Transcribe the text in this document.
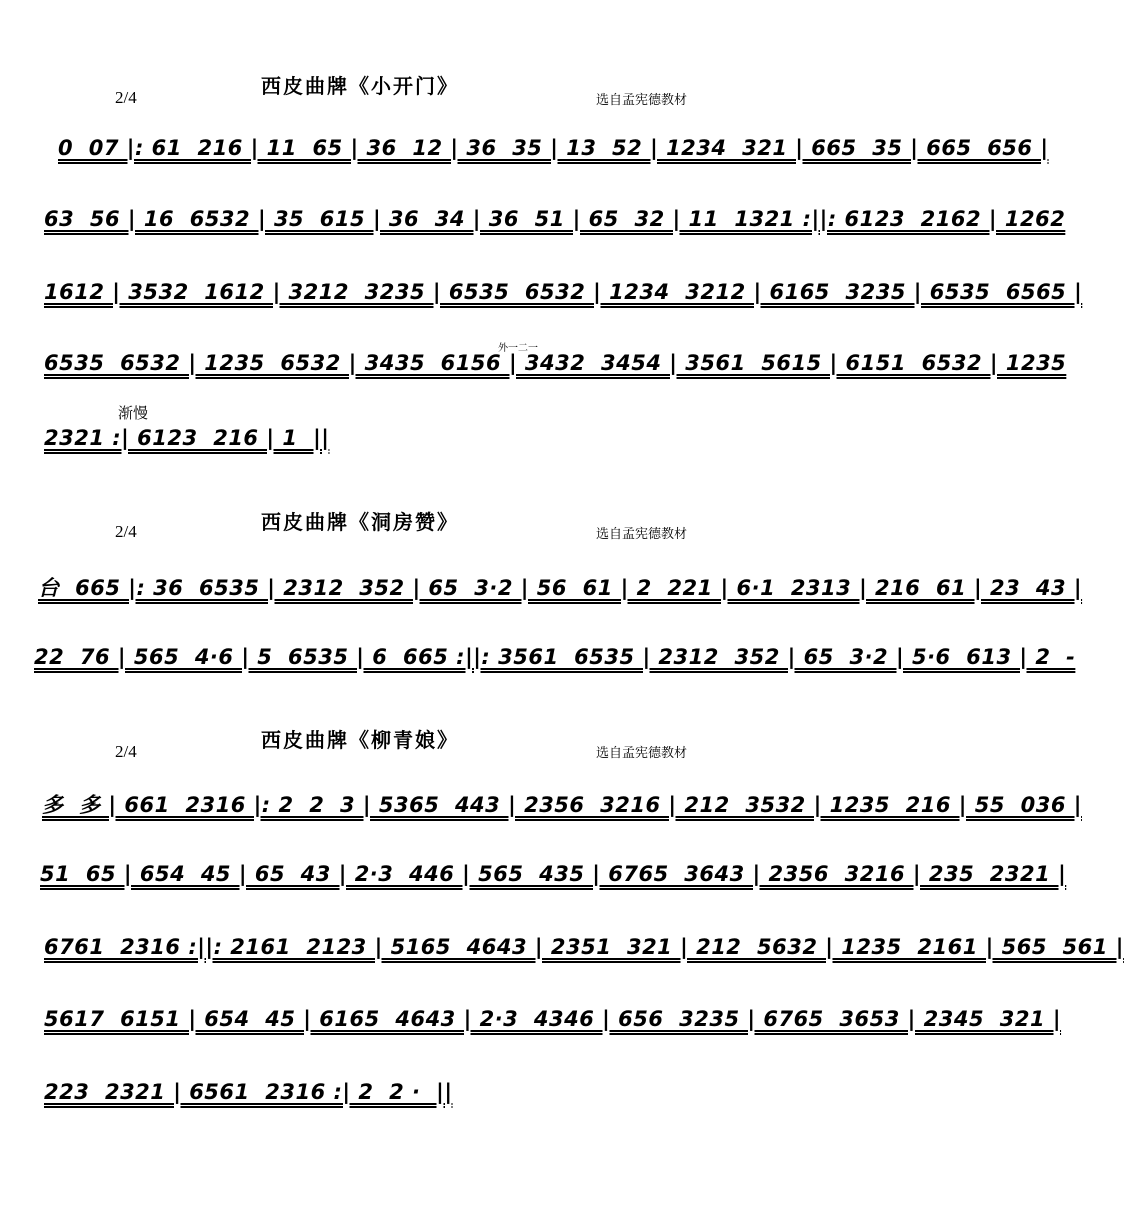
西皮曲牌《小开门》
2/4	选自孟宪德教材
0  07 |: 61  216 | 11  65 | 36  12 | 36  35 | 13  52 | 1234  321 | 665  35 | 665  656 |
63  56 | 16  6532 | 35  615 | 36  34 | 36  51 | 65  32 | 11  1321 :||: 6123  2162 | 1262
1612 | 3532  1612 | 3212  3235 | 6535  6532 | 1234  3212 | 6165  3235 | 6535  6565 |
外一二一
6535  6532 | 1235  6532 | 3435  6156 | 3432  3454 | 3561  5615 | 6151  6532 | 1235
渐慢
2321 :| 6123  216 | 1  ||
西皮曲牌《洞房赞》
2/4	选自孟宪德教材
台  665 |: 36  6535 | 2312  352 | 65  3·2 | 56  61 | 2  221 | 6·1  2313 | 216  61 | 23  43 |
22  76 | 565  4·6 | 5  6535 | 6  665 :||: 3561  6535 | 2312  352 | 65  3·2 | 5·6  613 | 2  -
西皮曲牌《柳青娘》
2/4	选自孟宪德教材
多  多 | 661  2316 |: 2  2  3 | 5365  443 | 2356  3216 | 212  3532 | 1235  216 | 55  036 |
51  65 | 654  45 | 65  43 | 2·3  446 | 565  435 | 6765  3643 | 2356  3216 | 235  2321 |
6761  2316 :||: 2161  2123 | 5165  4643 | 2351  321 | 212  5632 | 1235  2161 | 565  561 |
5617  6151 | 654  45 | 6165  4643 | 2·3  4346 | 656  3235 | 6765  3653 | 2345  321 |
223  2321 | 6561  2316 :| 2  2 ·  ||
